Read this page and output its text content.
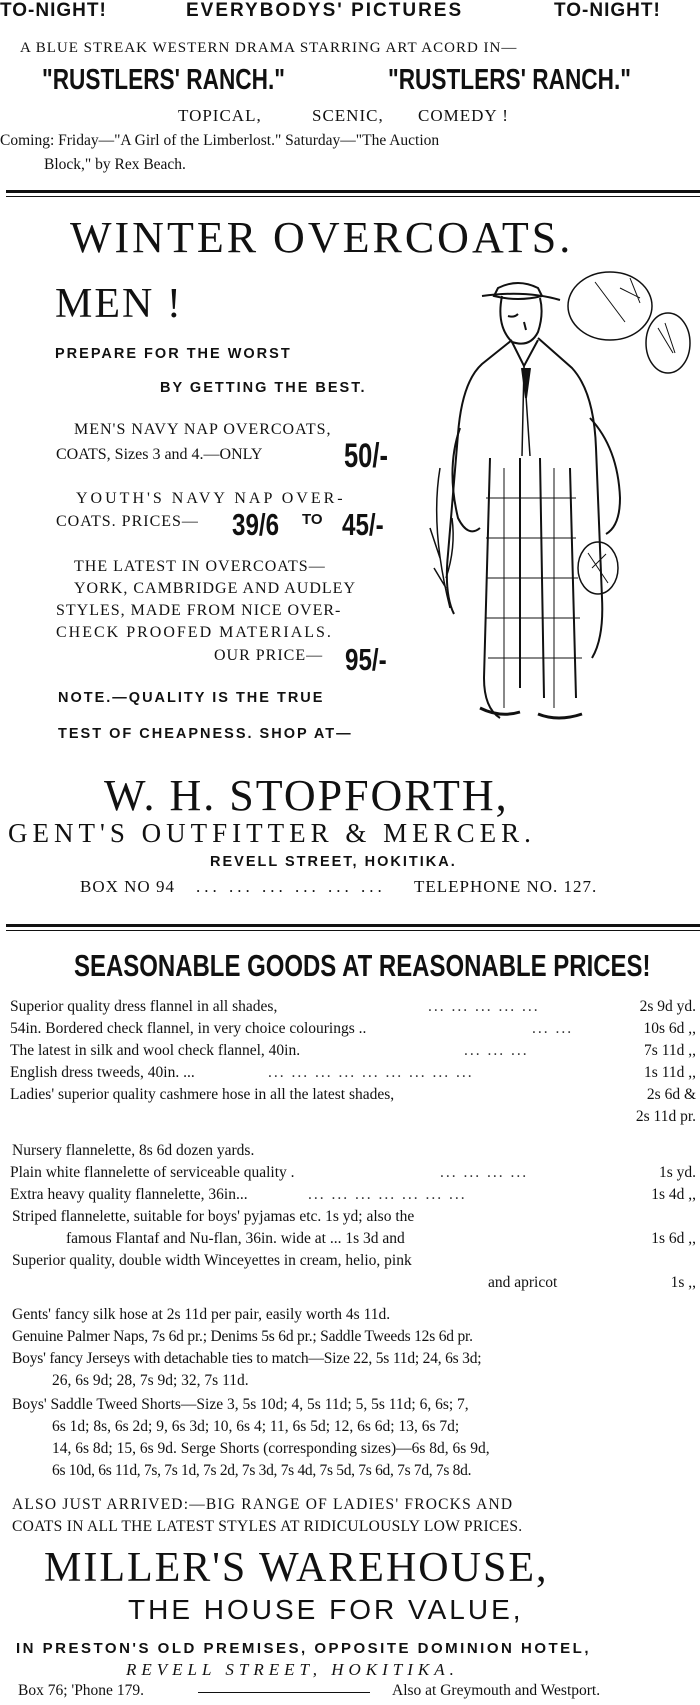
TO-NIGHT!	EVERYBODYS' PICTURES	TO-NIGHT!
A BLUE STREAK WESTERN DRAMA STARRING ART ACORD IN—
"RUSTLERS' RANCH."	"RUSTLERS' RANCH."
TOPICAL,	SCENIC, COMEDY !
Coming: Friday—"A Girl of the Limberlost." Saturday—"The Auction
Block," by Rex Beach.
WINTER OVERCOATS.
MEN !
PREPARE FOR THE WORST
BY GETTING THE BEST.
MEN'S NAVY NAP OVERCOATS,
COATS, Sizes 3 and 4.—ONLY 50/-
YOUTH'S NAVY NAP OVER-
COATS. PRICES— 39/6 TO 45/-
THE LATEST IN OVERCOATS—
YORK, CAMBRIDGE AND AUDLEY
STYLES, MADE FROM NICE OVER-
CHECK PROOFED MATERIALS.
OUR PRICE— 95/-
NOTE.—QUALITY IS THE TRUE
TEST OF CHEAPNESS. SHOP AT—
W. H. STOPFORTH,
GENT'S OUTFITTER & MERCER.
REVELL STREET, HOKITIKA.
BOX NO 94 ... ... ... ... ... ... TELEPHONE NO. 127.
SEASONABLE GOODS AT REASONABLE PRICES!
Superior quality dress flannel in all shades,	... ... ... ... ...	2s 9d yd.
54in. Bordered check flannel, in very choice colourings ..	... ...	10s 6d ,,
The latest in silk and wool check flannel, 40in.	... ... ...	7s 11d ,,
English dress tweeds, 40in. ...	... ... ... ... ... ... ... ... ...	1s 11d ,,
Ladies' superior quality cashmere hose in all the latest shades,	2s 6d &
2s 11d pr.
Nursery flannelette, 8s 6d dozen yards.
Plain white flannelette of serviceable quality .	... ... ... ...	1s yd.
Extra heavy quality flannelette, 36in...	... ... ... ... ... ... ...	1s 4d ,,
Striped flannelette, suitable for boys' pyjamas etc. 1s yd; also the
famous Flantaf and Nu-flan, 36in. wide at ... 1s 3d and	1s 6d ,,
Superior quality, double width Winceyettes in cream, helio, pink
and apricot	1s ,,
Gents' fancy silk hose at 2s 11d per pair, easily worth 4s 11d.
Genuine Palmer Naps, 7s 6d pr.; Denims 5s 6d pr.; Saddle Tweeds 12s 6d pr.
Boys' fancy Jerseys with detachable ties to match—Size 22, 5s 11d; 24, 6s 3d;
26, 6s 9d; 28, 7s 9d; 32, 7s 11d.
Boys' Saddle Tweed Shorts—Size 3, 5s 10d; 4, 5s 11d; 5, 5s 11d; 6, 6s; 7,
6s 1d; 8s, 6s 2d; 9, 6s 3d; 10, 6s 4; 11, 6s 5d; 12, 6s 6d; 13, 6s 7d;
14, 6s 8d; 15, 6s 9d. Serge Shorts (corresponding sizes)—6s 8d, 6s 9d,
6s 10d, 6s 11d, 7s, 7s 1d, 7s 2d, 7s 3d, 7s 4d, 7s 5d, 7s 6d, 7s 7d, 7s 8d.
ALSO JUST ARRIVED:—BIG RANGE OF LADIES' FROCKS AND
COATS IN ALL THE LATEST STYLES AT RIDICULOUSLY LOW PRICES.
MILLER'S WAREHOUSE,
THE HOUSE FOR VALUE,
IN PRESTON'S OLD PREMISES, OPPOSITE DOMINION HOTEL,
REVELL STREET, HOKITIKA.
Box 76; 'Phone 179.	Also at Greymouth and Westport.
